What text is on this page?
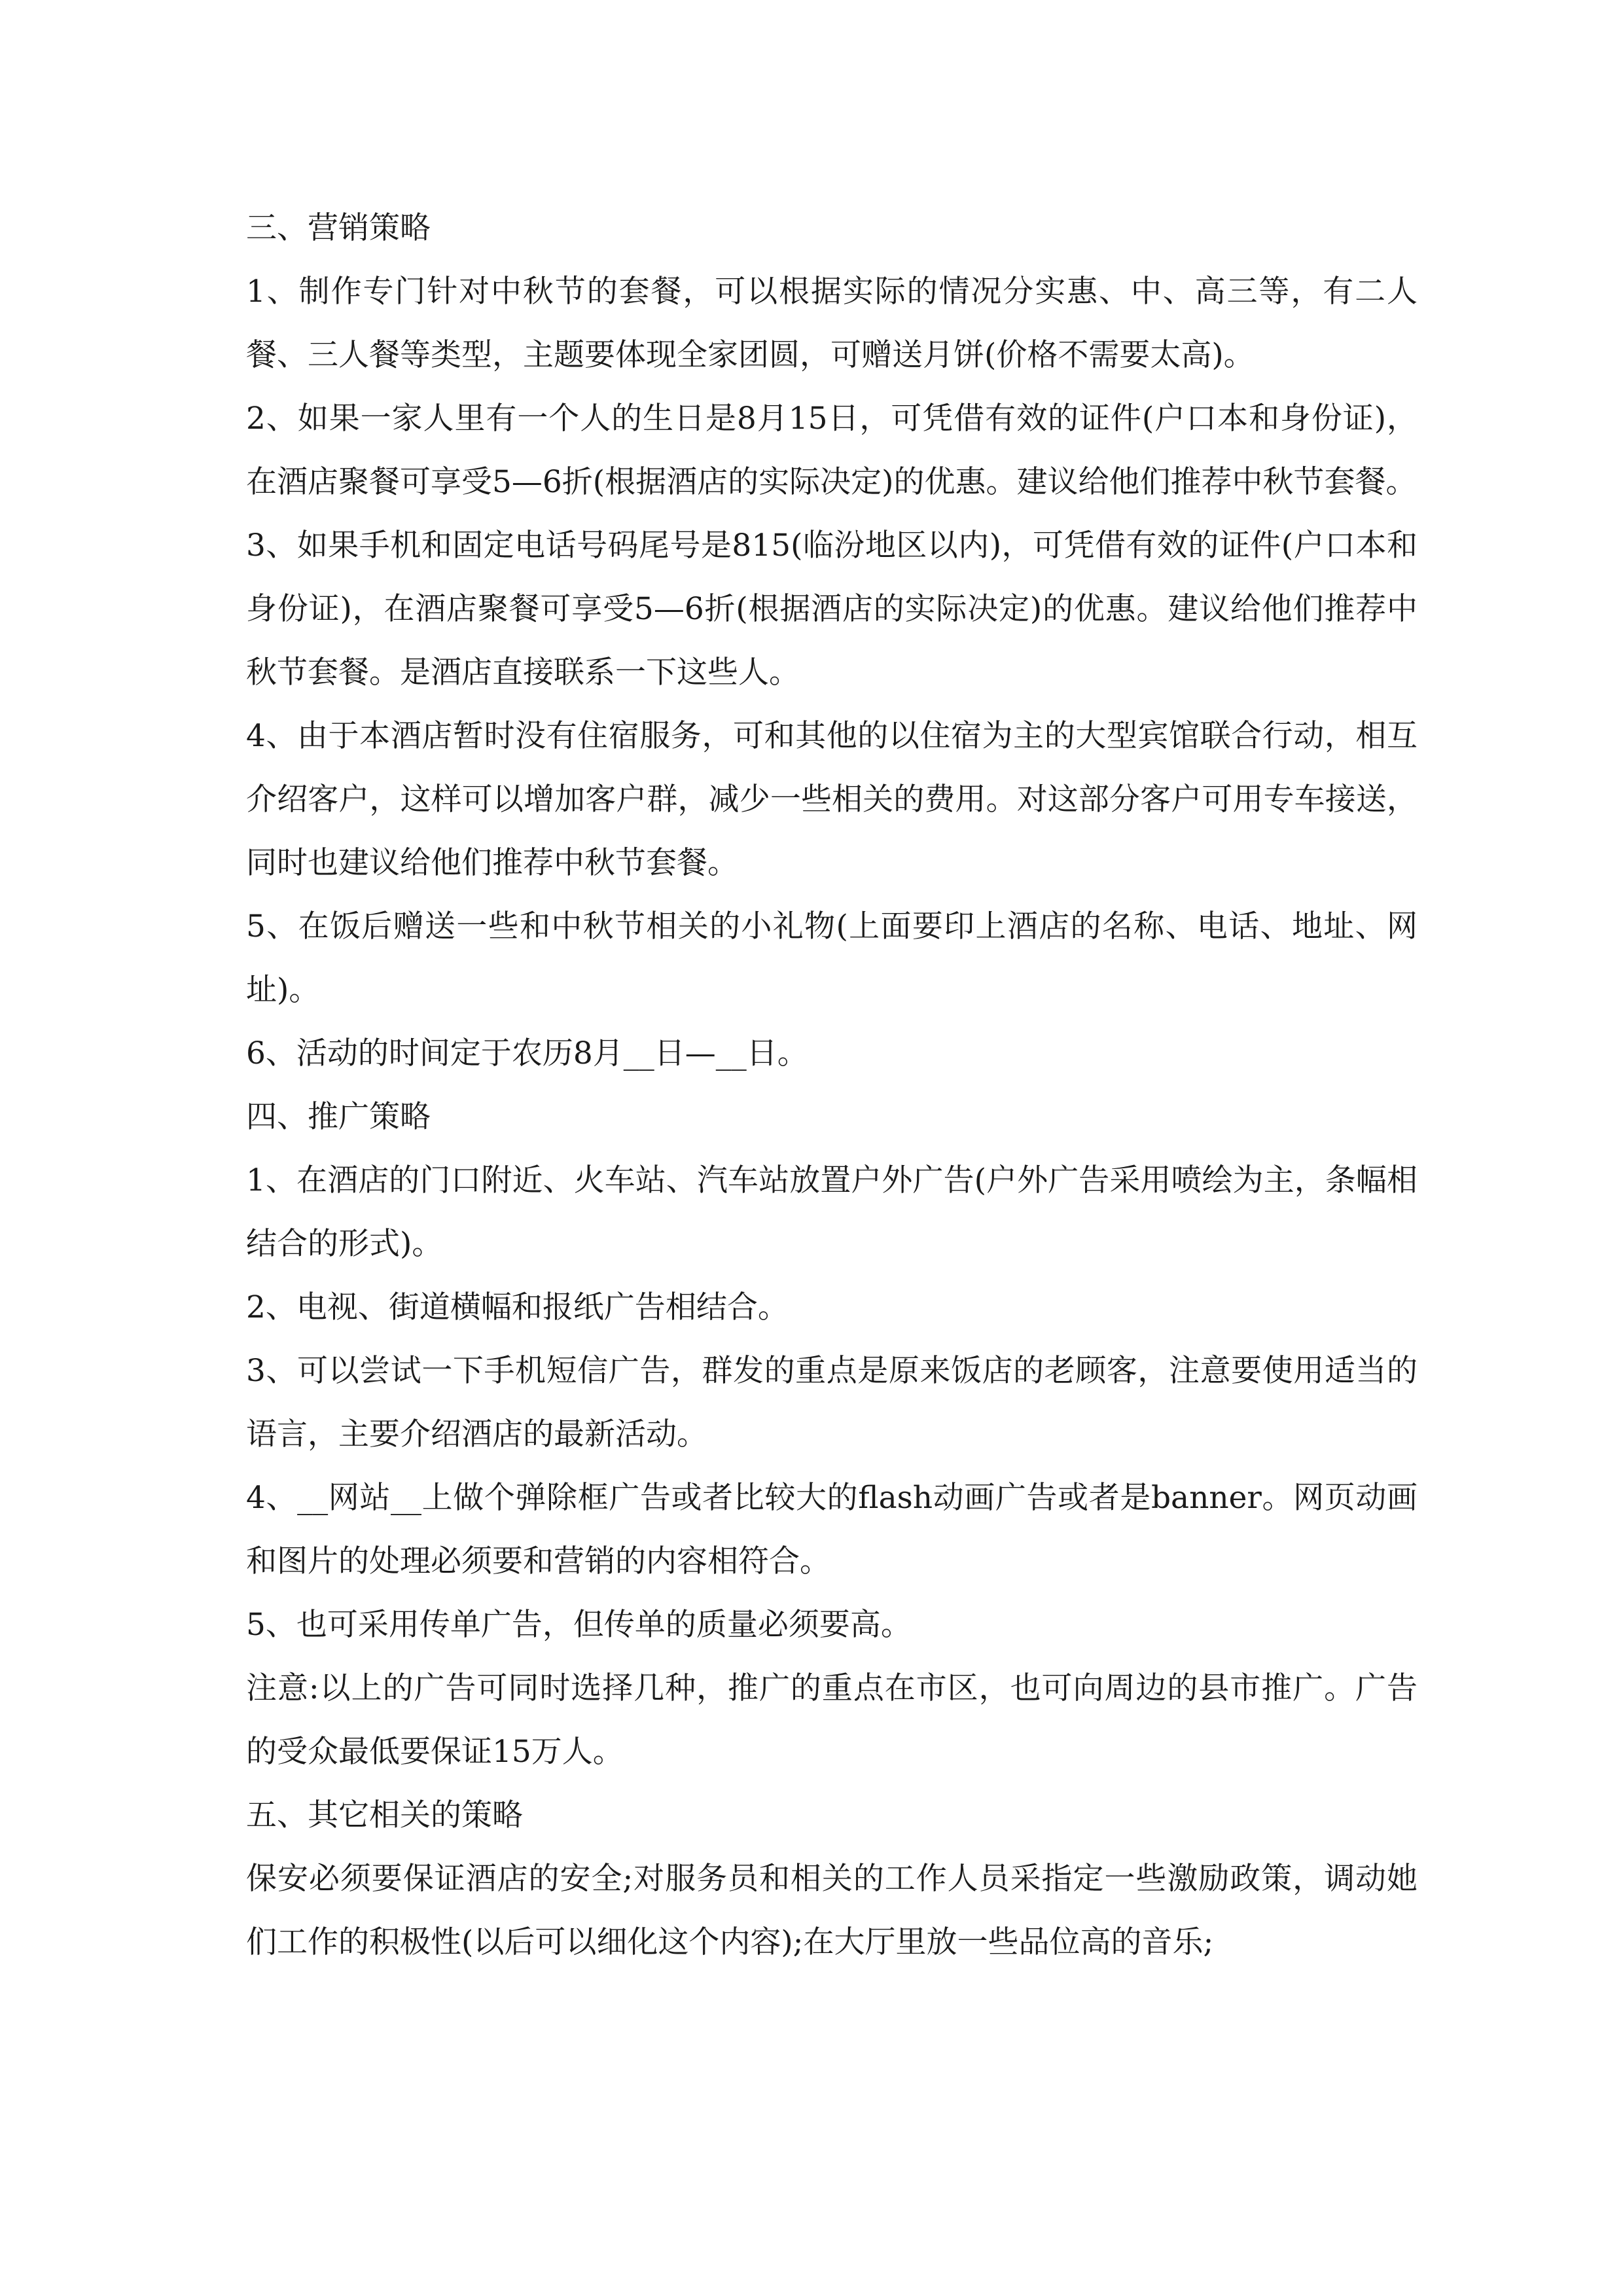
三、营销策略

1、制作专门针对中秋节的套餐，可以根据实际的情况分实惠、中、高三等，有二人餐、三人餐等类型，主题要体现全家团圆，可赠送月饼(价格不需要太高)。

2、如果一家人里有一个人的生日是8月15日，可凭借有效的证件(户口本和身份证)，在酒店聚餐可享受5—6折(根据酒店的实际决定)的优惠。建议给他们推荐中秋节套餐。

3、如果手机和固定电话号码尾号是815(临汾地区以内)，可凭借有效的证件(户口本和身份证)，在酒店聚餐可享受5—6折(根据酒店的实际决定)的优惠。建议给他们推荐中秋节套餐。是酒店直接联系一下这些人。

4、由于本酒店暂时没有住宿服务，可和其他的以住宿为主的大型宾馆联合行动，相互介绍客户，这样可以增加客户群，减少一些相关的费用。对这部分客户可用专车接送，同时也建议给他们推荐中秋节套餐。

5、在饭后赠送一些和中秋节相关的小礼物(上面要印上酒店的名称、电话、地址、网址)。

6、活动的时间定于农历8月__日—__日。

四、推广策略

1、在酒店的门口附近、火车站、汽车站放置户外广告(户外广告采用喷绘为主，条幅相结合的形式)。

2、电视、街道横幅和报纸广告相结合。

3、可以尝试一下手机短信广告，群发的重点是原来饭店的老顾客，注意要使用适当的语言，主要介绍酒店的最新活动。

4、__网站__上做个弹除框广告或者比较大的flash动画广告或者是banner。网页动画和图片的处理必须要和营销的内容相符合。

5、也可采用传单广告，但传单的质量必须要高。

注意:以上的广告可同时选择几种，推广的重点在市区，也可向周边的县市推广。广告的受众最低要保证15万人。

五、其它相关的策略

保安必须要保证酒店的安全;对服务员和相关的工作人员采指定一些激励政策，调动她们工作的积极性(以后可以细化这个内容);在大厅里放一些品位高的音乐;
